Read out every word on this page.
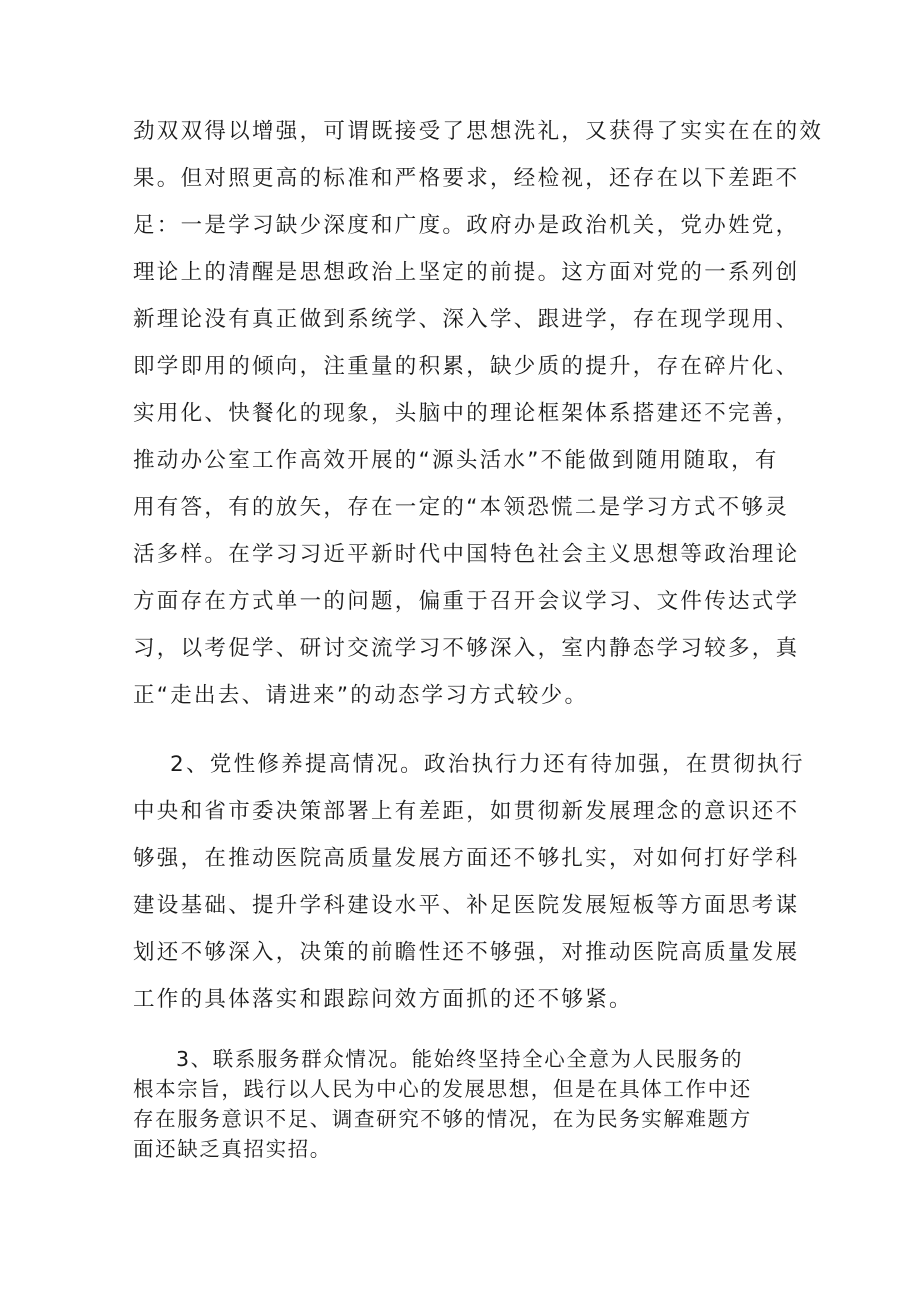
劲双双得以增强，可谓既接受了思想洗礼，又获得了实实在在的效
果。但对照更高的标准和严格要求，经检视，还存在以下差距不
足：一是学习缺少深度和广度。政府办是政治机关，党办姓党，
理论上的清醒是思想政治上坚定的前提。这方面对党的一系列创
新理论没有真正做到系统学、深入学、跟进学，存在现学现用、
即学即用的倾向，注重量的积累，缺少质的提升，存在碎片化、
实用化、快餐化的现象，头脑中的理论框架体系搭建还不完善，
推动办公室工作高效开展的“源头活水”不能做到随用随取，有
用有答，有的放矢，存在一定的“本领恐慌二是学习方式不够灵
活多样。在学习习近平新时代中国特色社会主义思想等政治理论
方面存在方式单一的问题，偏重于召开会议学习、文件传达式学
习，以考促学、研讨交流学习不够深入，室内静态学习较多，真
正“走出去、请进来”的动态学习方式较少。
2、党性修养提高情况。政治执行力还有待加强，在贯彻执行
中央和省市委决策部署上有差距，如贯彻新发展理念的意识还不
够强，在推动医院高质量发展方面还不够扎实，对如何打好学科
建设基础、提升学科建设水平、补足医院发展短板等方面思考谋
划还不够深入，决策的前瞻性还不够强，对推动医院高质量发展
工作的具体落实和跟踪问效方面抓的还不够紧。
3、联系服务群众情况。能始终坚持全心全意为人民服务的
根本宗旨，践行以人民为中心的发展思想，但是在具体工作中还
存在服务意识不足、调查研究不够的情况，在为民务实解难题方
面还缺乏真招实招。
